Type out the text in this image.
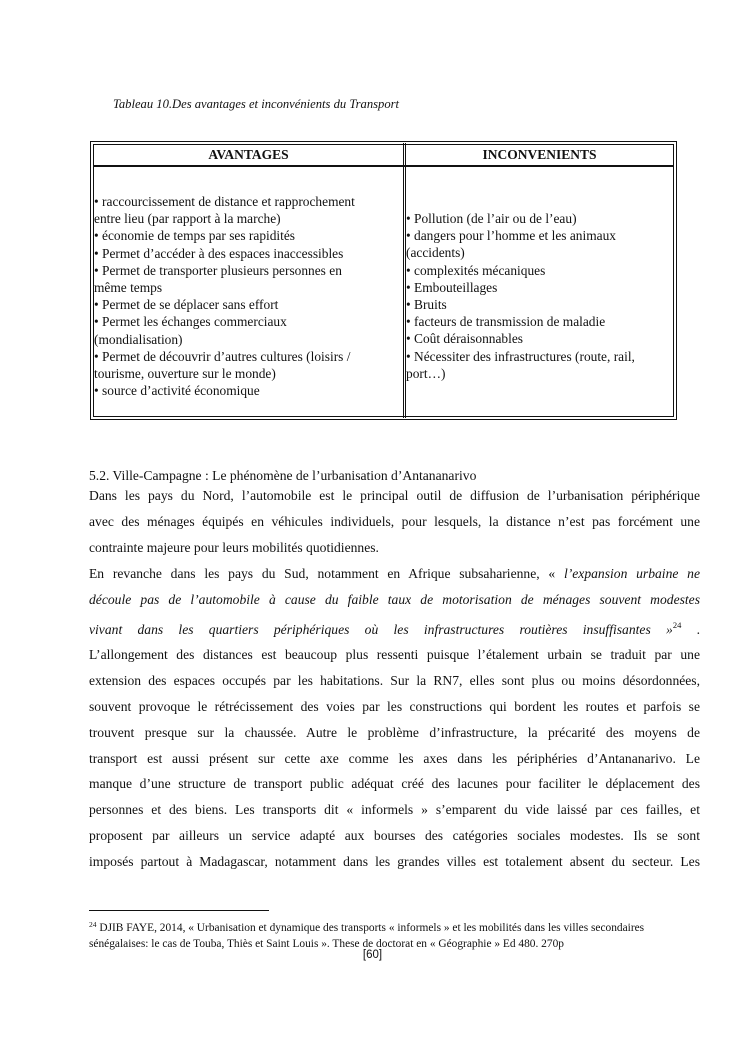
Tableau 10.Des avantages et inconvénients du Transport
AVANTAGES	INCONVENIENTS
• raccourcissement de distance et rapprochement
entre lieu (par rapport à la marche)
• économie de temps par ses rapidités
• Permet d’accéder à des espaces inaccessibles
• Permet de transporter plusieurs personnes en
même temps
• Permet de se déplacer sans effort
• Permet les échanges commerciaux
(mondialisation)
• Permet de découvrir d’autres cultures (loisirs /
tourisme, ouverture sur le monde)
• source d’activité économique
• Pollution (de l’air ou de l’eau)
• dangers pour l’homme et les animaux
(accidents)
• complexités mécaniques
• Embouteillages
• Bruits
• facteurs de transmission de maladie
• Coût déraisonnables
• Nécessiter des infrastructures (route, rail,
port…)
5.2. Ville-Campagne : Le phénomène de l’urbanisation d’Antananarivo
Dans les pays du Nord, l’automobile est le principal outil de diffusion de l’urbanisation périphérique
avec des ménages équipés en véhicules individuels, pour lesquels, la distance n’est pas forcément une
contrainte majeure pour leurs mobilités quotidiennes.
En revanche dans les pays du Sud, notamment en Afrique subsaharienne, « l’expansion urbaine ne
découle pas de l’automobile à cause du faible taux de motorisation de ménages souvent modestes
vivant dans les quartiers périphériques où les infrastructures routières insuffisantes »$^{24}$ .
L’allongement des distances est beaucoup plus ressenti puisque l’étalement urbain se traduit par une
extension des espaces occupés par les habitations. Sur la RN7, elles sont plus ou moins désordonnées,
souvent provoque le rétrécissement des voies par les constructions qui bordent les routes et parfois se
trouvent presque sur la chaussée. Autre le problème d’infrastructure, la précarité des moyens de
transport est aussi présent sur cette axe comme les axes dans les périphéries d’Antananarivo. Le
manque d’une structure de transport public adéquat créé des lacunes pour faciliter le déplacement des
personnes et des biens. Les transports dit « informels » s’emparent du vide laissé par ces failles, et
proposent par ailleurs un service adapté aux bourses des catégories sociales modestes. Ils se sont
imposés partout à Madagascar, notamment dans les grandes villes est totalement absent du secteur. Les
$^{24}$ DJIB FAYE, 2014, « Urbanisation et dynamique des transports « informels » et les mobilités dans les villes secondaires
sénégalaises: le cas de Touba, Thiès et Saint Louis ». These de doctorat en « Géographie » Ed 480. 270p
[60]
